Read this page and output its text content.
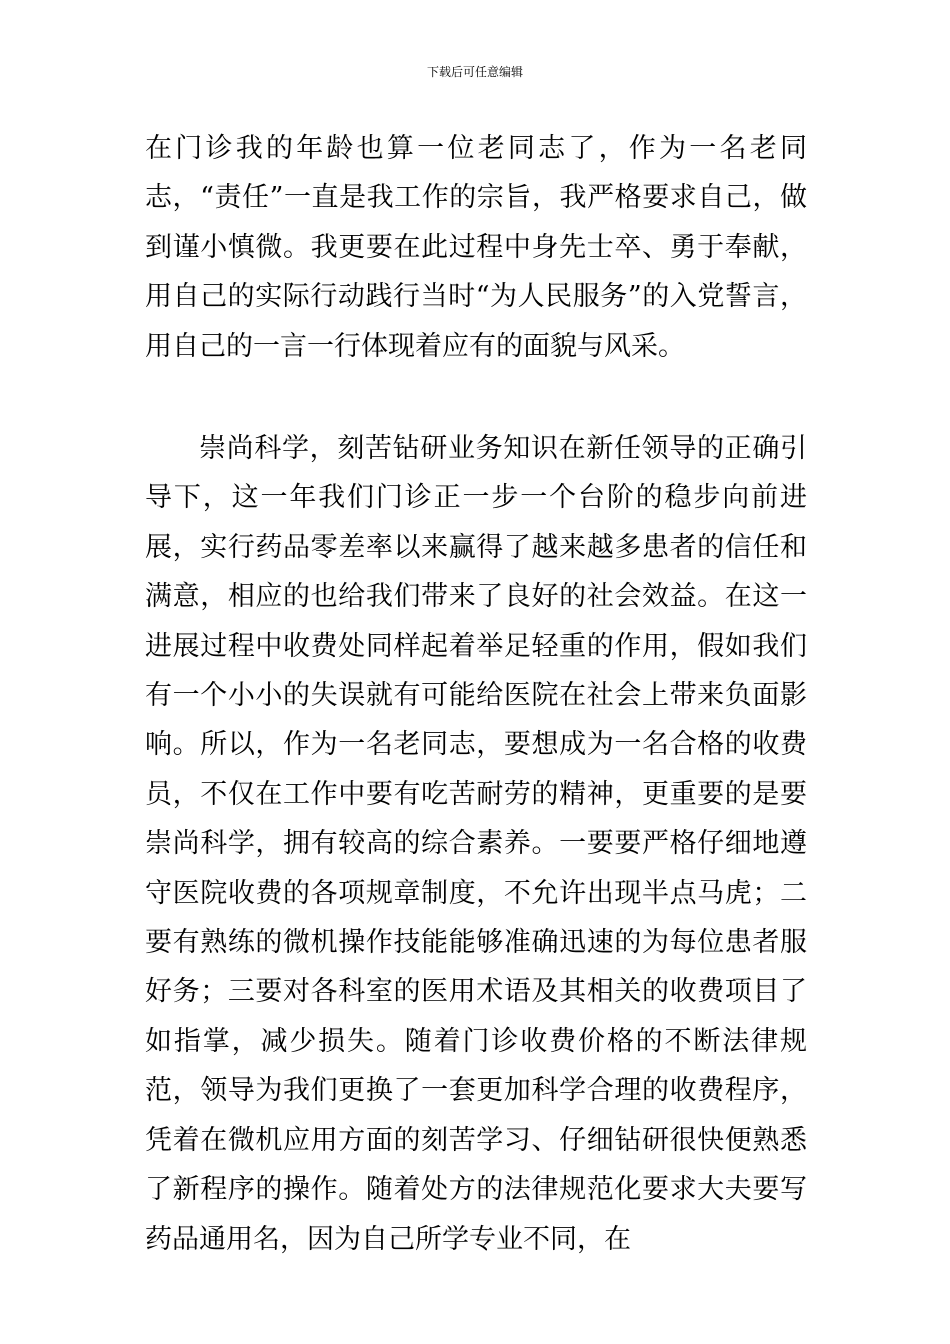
下载后可任意编辑

在门诊我的年龄也算一位老同志了，作为一名老同志，“责任”一直是我工作的宗旨，我严格要求自己，做到谨小慎微。我更要在此过程中身先士卒、勇于奉献，用自己的实际行动践行当时“为人民服务”的入党誓言，用自己的一言一行体现着应有的面貌与风采。

崇尚科学，刻苦钻研业务知识在新任领导的正确引导下，这一年我们门诊正一步一个台阶的稳步向前进展，实行药品零差率以来赢得了越来越多患者的信任和满意，相应的也给我们带来了良好的社会效益。在这一进展过程中收费处同样起着举足轻重的作用，假如我们有一个小小的失误就有可能给医院在社会上带来负面影响。所以，作为一名老同志，要想成为一名合格的收费员，不仅在工作中要有吃苦耐劳的精神，更重要的是要崇尚科学，拥有较高的综合素养。一要要严格仔细地遵守医院收费的各项规章制度，不允许出现半点马虎；二要有熟练的微机操作技能能够准确迅速的为每位患者服好务；三要对各科室的医用术语及其相关的收费项目了如指掌，减少损失。随着门诊收费价格的不断法律规范，领导为我们更换了一套更加科学合理的收费程序，凭着在微机应用方面的刻苦学习、仔细钻研很快便熟悉了新程序的操作。随着处方的法律规范化要求大夫要写药品通用名，因为自己所学专业不同，在
